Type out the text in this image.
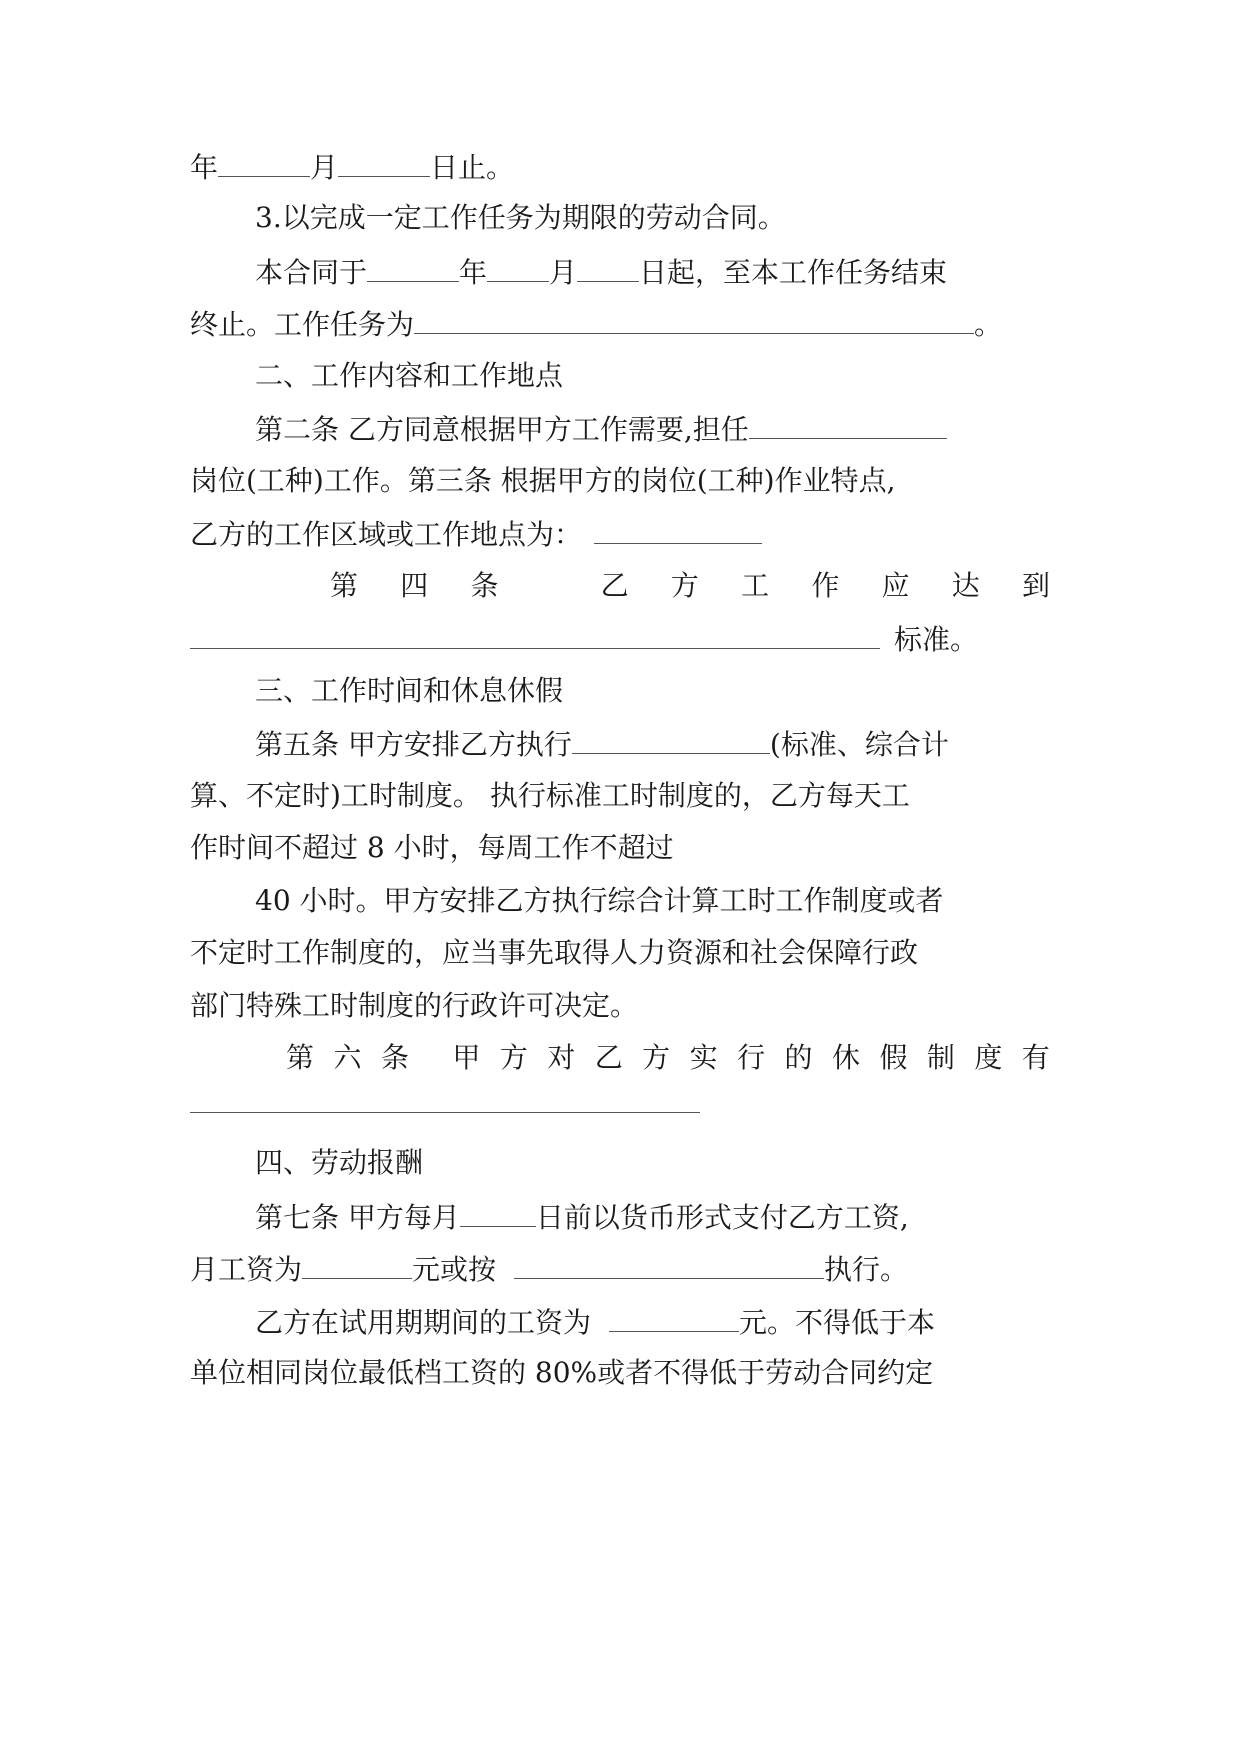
年	月	日止。
3.以完成一定工作任务为期限的劳动合同。
本合同于	年 月 日起，至本工作任务结束
终止。工作任务为	。
二、工作内容和工作地点
第二条 乙方同意根据甲方工作需要,担任
岗位(工种)工作。第三条 根据甲方的岗位(工种)作业特点,
乙方的工作区域或工作地点为：
第 四 条	乙 方 工 作 应 达 到
标准。
三、工作时间和休息休假
第五条 甲方安排乙方执行	(标准、综合计
算、不定时)工时制度。 执行标准工时制度的，乙方每天工
作时间不超过 8 小时，每周工作不超过
40 小时。甲方安排乙方执行综合计算工时工作制度或者
不定时工作制度的，应当事先取得人力资源和社会保障行政
部门特殊工时制度的行政许可决定。
第 六 条 甲 方 对 乙 方 实 行 的 休 假 制 度 有
四、劳动报酬
第七条 甲方每月	日前以货币形式支付乙方工资,
月工资为	元或按	执行。
乙方在试用期期间的工资为	元。不得低于本
单位相同岗位最低档工资的 80%或者不得低于劳动合同约定
